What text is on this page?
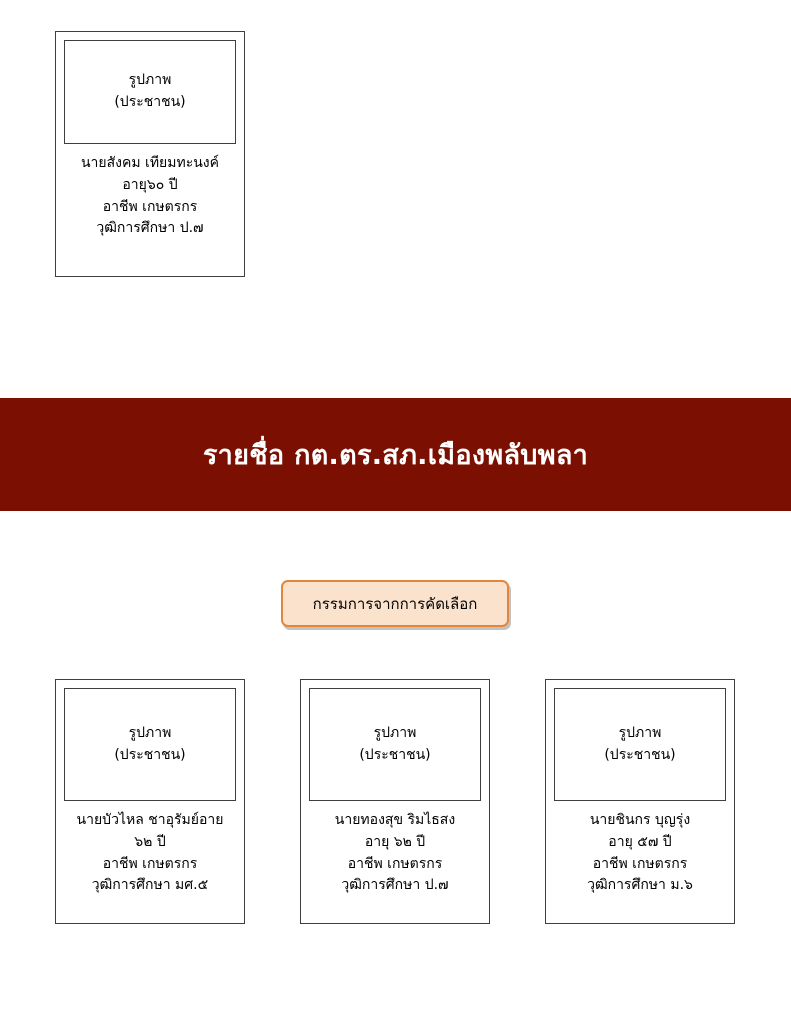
รูปภาพ
(ประชาชน)
นายสังคม เทียมทะนงค์
อายุ๖๐ ปี
อาชีพ เกษตรกร
วุฒิการศึกษา ป.๗
รายชื่อ กต.ตร.สภ.เมืองพลับพลา
กรรมการจากการคัดเลือก
รูปภาพ
(ประชาชน)
นายบัวไหล ชาอุรัมย์อาย
๖๒ ปี
อาชีพ เกษตรกร
วุฒิการศึกษา มศ.๕
รูปภาพ
(ประชาชน)
นายทองสุข ริมไธสง
อายุ ๖๒ ปี
อาชีพ เกษตรกร
วุฒิการศึกษา ป.๗
รูปภาพ
(ประชาชน)
นายชินกร บุญรุ่ง
อายุ ๕๗ ปี
อาชีพ เกษตรกร
วุฒิการศึกษา ม.๖
